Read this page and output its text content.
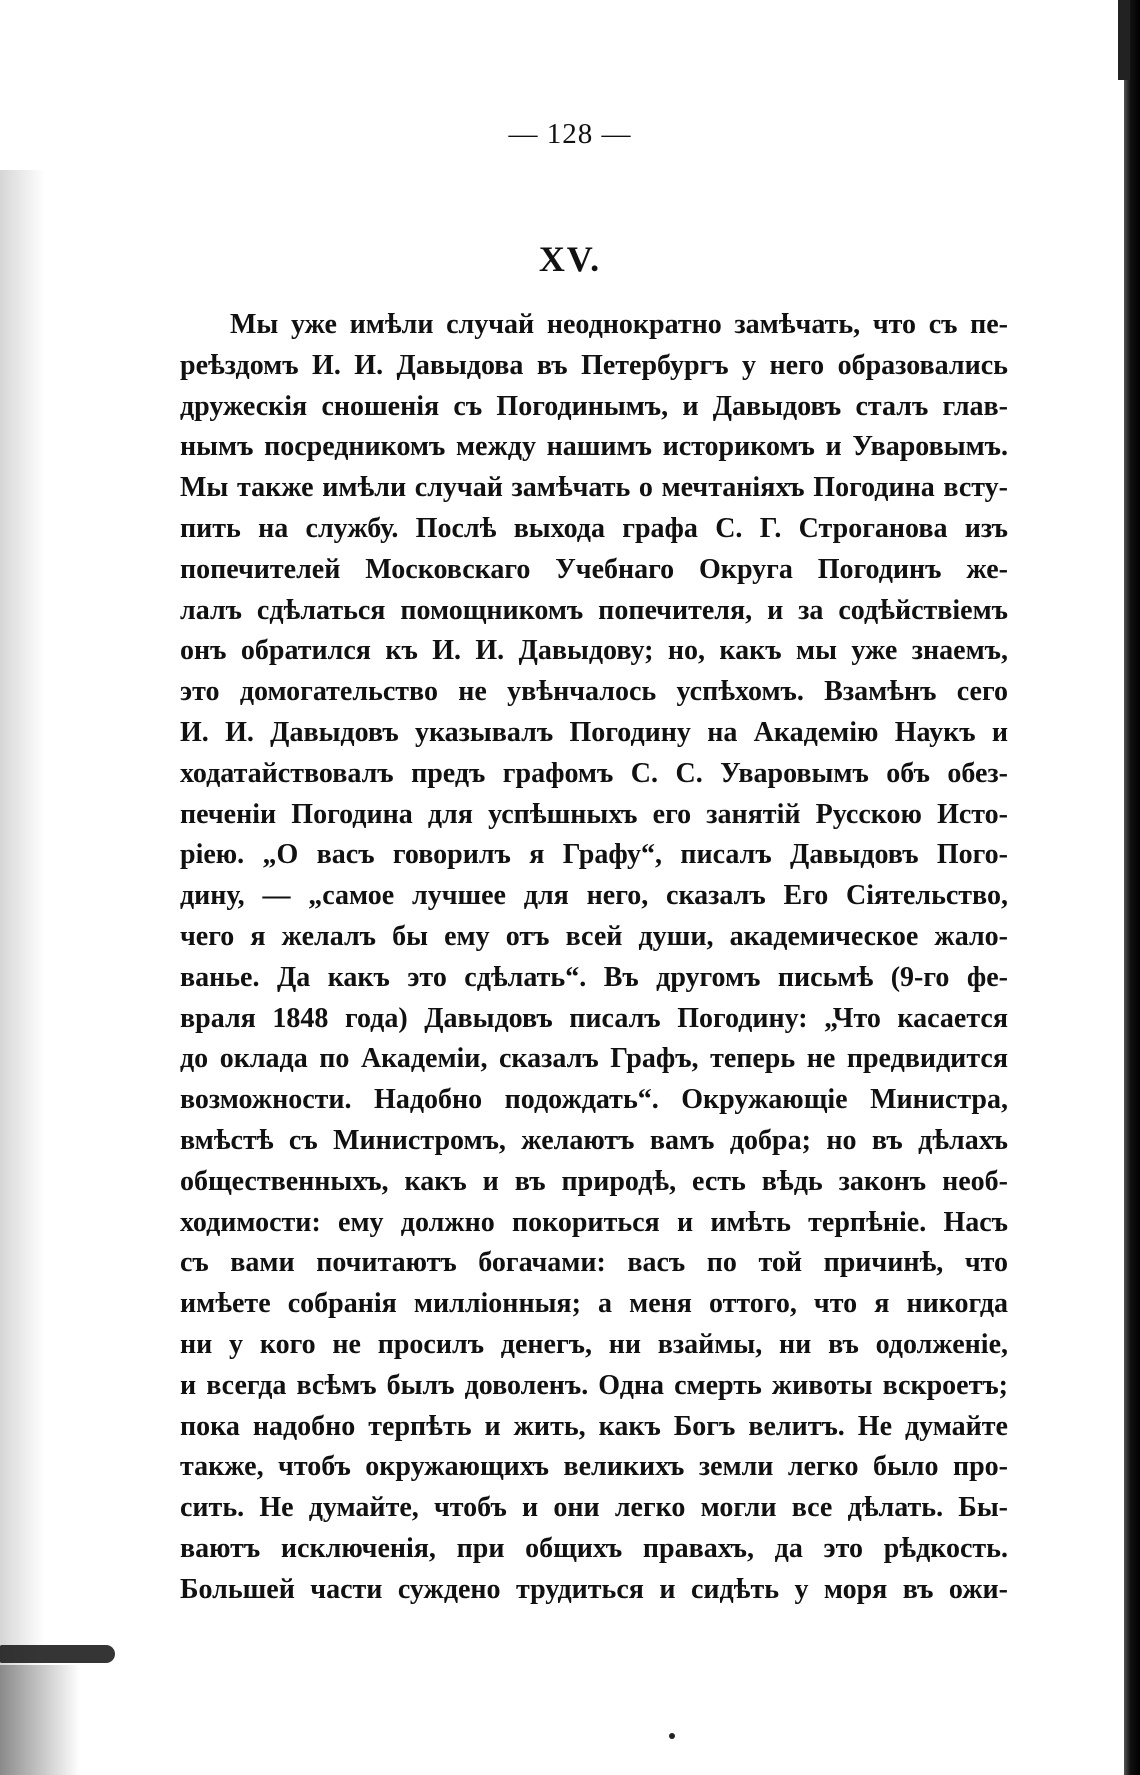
— 128 —
XV.
Мы уже имѣли случай неоднократно замѣчать, что съ пе-
реѣздомъ И. И. Давыдова въ Петербургъ у него образовались
дружескія сношенія съ Погодинымъ, и Давыдовъ сталъ глав-
нымъ посредникомъ между нашимъ историкомъ и Уваровымъ.
Мы также имѣли случай замѣчать о мечтаніяхъ Погодина всту-
пить на службу. Послѣ выхода графа С. Г. Строганова изъ
попечителей Московскаго Учебнаго Округа Погодинъ же-
лалъ сдѣлаться помощникомъ попечителя, и за содѣйствіемъ
онъ обратился къ И. И. Давыдову; но, какъ мы уже знаемъ,
это домогательство не увѣнчалось успѣхомъ. Взамѣнъ сего
И. И. Давыдовъ указывалъ Погодину на Академію Наукъ и
ходатайствовалъ предъ графомъ С. С. Уваровымъ объ обез-
печеніи Погодина для успѣшныхъ его занятій Русскою Исто-
ріею. „О васъ говорилъ я Графу“, писалъ Давыдовъ Пого-
дину, — „самое лучшее для него, сказалъ Его Сіятельство,
чего я желалъ бы ему отъ всей души, академическое жало-
ванье. Да какъ это сдѣлать“. Въ другомъ письмѣ (9-го фе-
враля 1848 года) Давыдовъ писалъ Погодину: „Что касается
до оклада по Академіи, сказалъ Графъ, теперь не предвидится
возможности. Надобно подождать“. Окружающіе Министра,
вмѣстѣ съ Министромъ, желаютъ вамъ добра; но въ дѣлахъ
общественныхъ, какъ и въ природѣ, есть вѣдь законъ необ-
ходимости: ему должно покориться и имѣть терпѣніе. Насъ
съ вами почитаютъ богачами: васъ по той причинѣ, что
имѣете собранія милліонныя; а меня оттого, что я никогда
ни у кого не просилъ денегъ, ни взаймы, ни въ одолженіе,
и всегда всѣмъ былъ доволенъ. Одна смерть животы вскроетъ;
пока надобно терпѣть и жить, какъ Богъ велитъ. Не думайте
также, чтобъ окружающихъ великихъ земли легко было про-
сить. Не думайте, чтобъ и они легко могли все дѣлать. Бы-
ваютъ исключенія, при общихъ правахъ, да это рѣдкость.
Большей части суждено трудиться и сидѣть у моря въ ожи-
